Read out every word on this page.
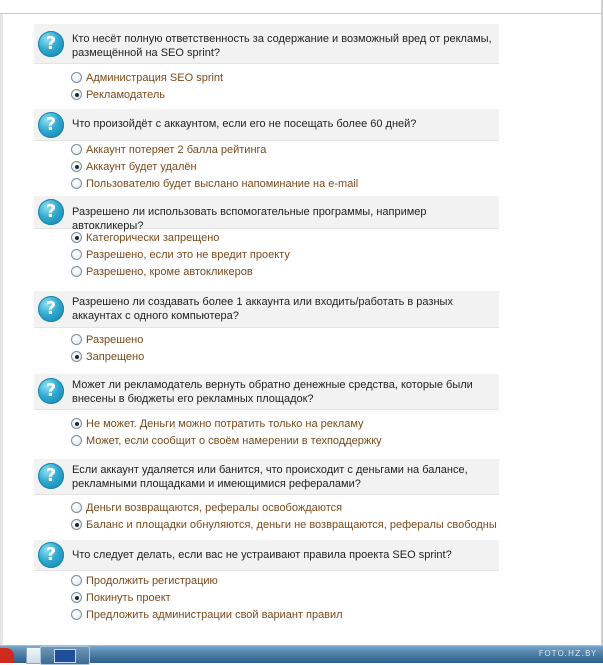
?	Кто несёт полную ответственность за содержание и возможный вред от рекламы, размещённой на SEO sprint?
Администрация SEO sprint
Рекламодатель
?	Что произойдёт с аккаунтом, если его не посещать более 60 дней?
Аккаунт потеряет 2 балла рейтинга
Аккаунт будет удалён
Пользователю будет выслано напоминание на e-mail
?	Разрешено ли использовать вспомогательные программы, например автокликеры?
Категорически запрещено
Разрешено, если это не вредит проекту
Разрешено, кроме автокликеров
?	Разрешено ли создавать более 1 аккаунта или входить/работать в разных аккаунтах с одного компьютера?
Разрешено
Запрещено
?	Может ли рекламодатель вернуть обратно денежные средства, которые были внесены в бюджеты его рекламных площадок?
Не может. Деньги можно потратить только на рекламу
Может, если сообщит о своём намерении в техподдержку
?	Если аккаунт удаляется или банится, что происходит с деньгами на балансе, рекламными площадками и имеющимися рефералами?
Деньги возвращаются, рефералы освобождаются
Баланс и площадки обнуляются, деньги не возвращаются, рефералы свободны
?	Что следует делать, если вас не устраивают правила проекта SEO sprint?
Продолжить регистрацию
Покинуть проект
Предложить администрации свой вариант правил
FOTO.HZ.BY
